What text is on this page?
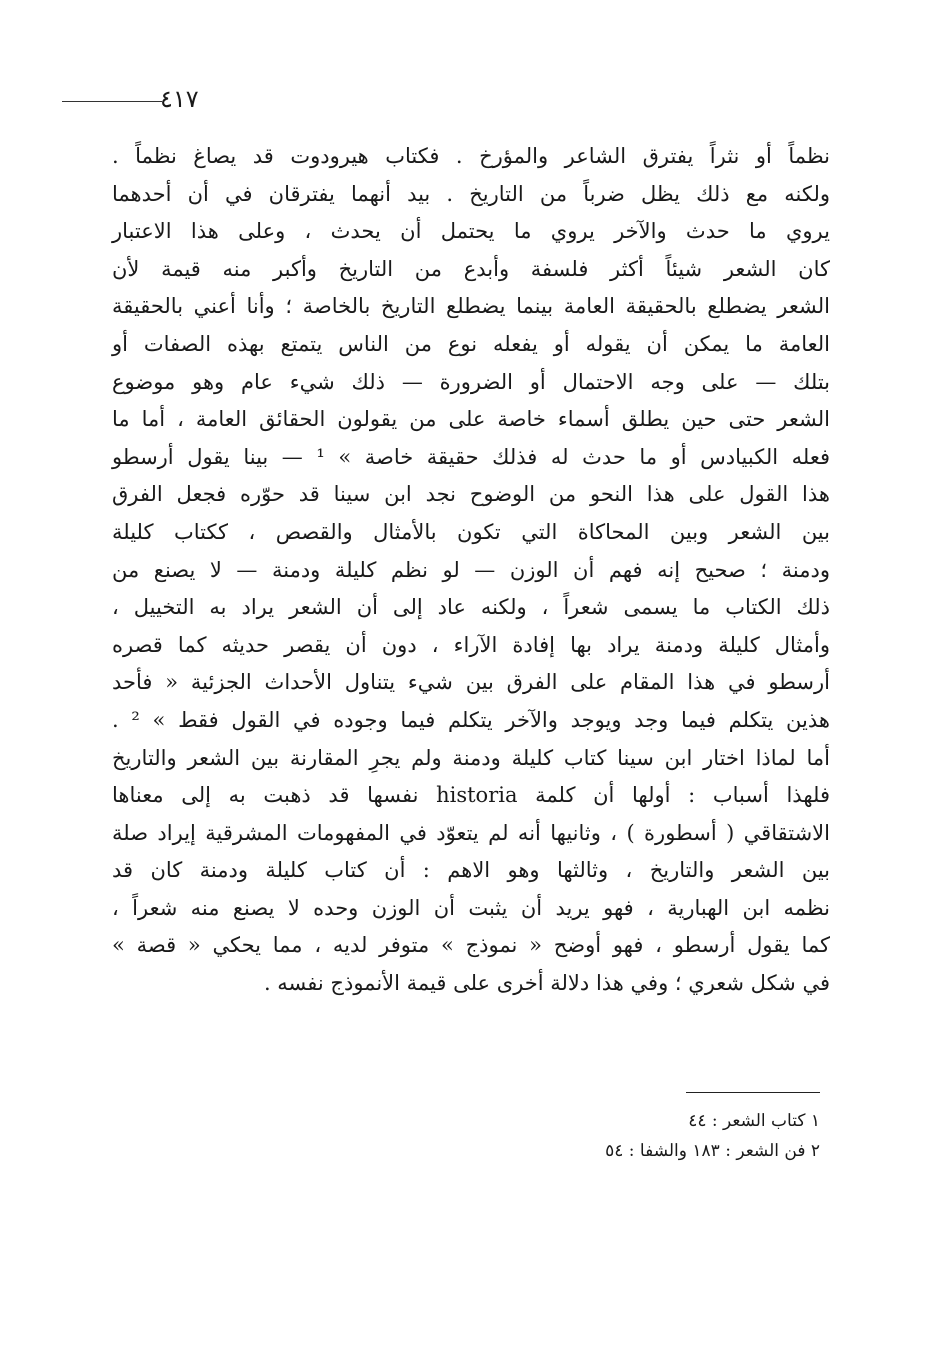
٤١٧
نظماً أو نثراً يفترق الشاعر والمؤرخ . فكتاب هيرودوت قد يصاغ نظماً .
ولكنه مع ذلك يظل ضرباً من التاريخ . بيد أنهما يفترقان في أن أحدهما
يروي ما حدث والآخر يروي ما يحتمل أن يحدث ، وعلى هذا الاعتبار
كان الشعر شيئاً أكثر فلسفة وأبدع من التاريخ وأكبر منه قيمة لأن
الشعر يضطلع بالحقيقة العامة بينما يضطلع التاريخ بالخاصة ؛ وأنا أعني بالحقيقة
العامة ما يمكن أن يقوله أو يفعله نوع من الناس يتمتع بهذه الصفات أو
بتلك — على وجه الاحتمال أو الضرورة — ذلك شيء عام وهو موضوع
الشعر حتى حين يطلق أسماء خاصة على من يقولون الحقائق العامة ، أما ما
فعله الكبيادس أو ما حدث له فذلك حقيقة خاصة » ¹ — بينا يقول أرسطو
هذا القول على هذا النحو من الوضوح نجد ابن سينا قد حوّره فجعل الفرق
بين الشعر وبين المحاكاة التي تكون بالأمثال والقصص ، ككتاب كليلة
ودمنة ؛ صحيح إنه فهم أن الوزن — لو نظم كليلة ودمنة — لا يصنع من
ذلك الكتاب ما يسمى شعراً ، ولكنه عاد إلى أن الشعر يراد به التخييل ،
وأمثال كليلة ودمنة يراد بها إفادة الآراء ، دون أن يقصر حديثه كما قصره
أرسطو في هذا المقام على الفرق بين شيء يتناول الأحداث الجزئية « فأحد
هذين يتكلم فيما وجد ويوجد والآخر يتكلم فيما وجوده في القول فقط » ² .
أما لماذا اختار ابن سينا كتاب كليلة ودمنة ولم يجرِ المقارنة بين الشعر والتاريخ
فلهذا أسباب : أولها أن كلمة historia نفسها قد ذهبت به إلى معناها
الاشتقاقي ( أسطورة ) ، وثانيها أنه لم يتعوّد في المفهومات المشرقية إيراد صلة
بين الشعر والتاريخ ، وثالثها وهو الاهم : أن كتاب كليلة ودمنة كان قد
نظمه ابن الهبارية ، فهو يريد أن يثبت أن الوزن وحده لا يصنع منه شعراً ،
كما يقول أرسطو ، فهو أوضح « نموذج » متوفر لديه ، مما يحكي « قصة »
في شكل شعري ؛ وفي هذا دلالة أخرى على قيمة الأنموذج نفسه .
١ كتاب الشعر : ٤٤
٢ فن الشعر : ١٨٣ والشفا : ٥٤
